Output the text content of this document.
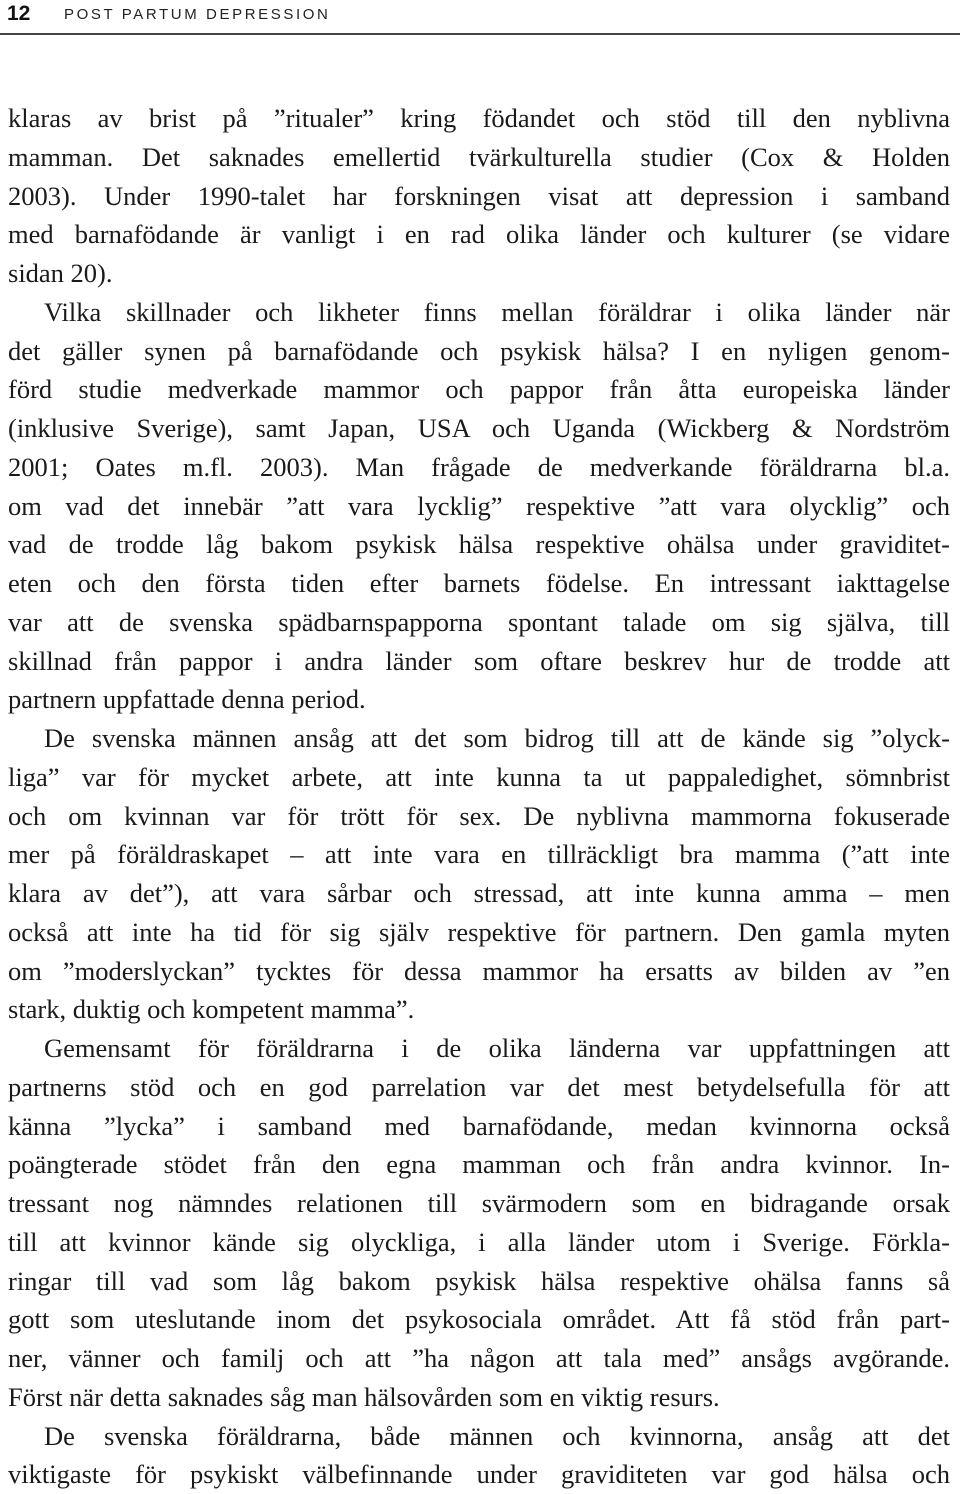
12 POST PARTUM DEPRESSION
klaras av brist på ”ritualer” kring födandet och stöd till den nyblivna
mamman. Det saknades emellertid tvärkulturella studier (Cox & Holden
2003). Under 1990-talet har forskningen visat att depression i samband
med barnafödande är vanligt i en rad olika länder och kulturer (se vidare
sidan 20).
Vilka skillnader och likheter finns mellan föräldrar i olika länder när
det gäller synen på barnafödande och psykisk hälsa? I en nyligen genom-
förd studie medverkade mammor och pappor från åtta europeiska länder
(inklusive Sverige), samt Japan, USA och Uganda (Wickberg & Nordström
2001; Oates m.fl. 2003). Man frågade de medverkande föräldrarna bl.a.
om vad det innebär ”att vara lycklig” respektive ”att vara olycklig” och
vad de trodde låg bakom psykisk hälsa respektive ohälsa under graviditet-
eten och den första tiden efter barnets födelse. En intressant iakttagelse
var att de svenska spädbarnspapporna spontant talade om sig själva, till
skillnad från pappor i andra länder som oftare beskrev hur de trodde att
partnern uppfattade denna period.
De svenska männen ansåg att det som bidrog till att de kände sig ”olyck-
liga” var för mycket arbete, att inte kunna ta ut pappaledighet, sömnbrist
och om kvinnan var för trött för sex. De nyblivna mammorna fokuserade
mer på föräldraskapet – att inte vara en tillräckligt bra mamma (”att inte
klara av det”), att vara sårbar och stressad, att inte kunna amma – men
också att inte ha tid för sig själv respektive för partnern. Den gamla myten
om ”moderslyckan” tycktes för dessa mammor ha ersatts av bilden av ”en
stark, duktig och kompetent mamma”.
Gemensamt för föräldrarna i de olika länderna var uppfattningen att
partnerns stöd och en god parrelation var det mest betydelsefulla för att
känna ”lycka” i samband med barnafödande, medan kvinnorna också
poängterade stödet från den egna mamman och från andra kvinnor. In-
tressant nog nämndes relationen till svärmodern som en bidragande orsak
till att kvinnor kände sig olyckliga, i alla länder utom i Sverige. Förkla-
ringar till vad som låg bakom psykisk hälsa respektive ohälsa fanns så
gott som uteslutande inom det psykosociala området. Att få stöd från part-
ner, vänner och familj och att ”ha någon att tala med” ansågs avgörande.
Först när detta saknades såg man hälsovården som en viktig resurs.
De svenska föräldrarna, både männen och kvinnorna, ansåg att det
viktigaste för psykiskt välbefinnande under graviditeten var god hälsa och
